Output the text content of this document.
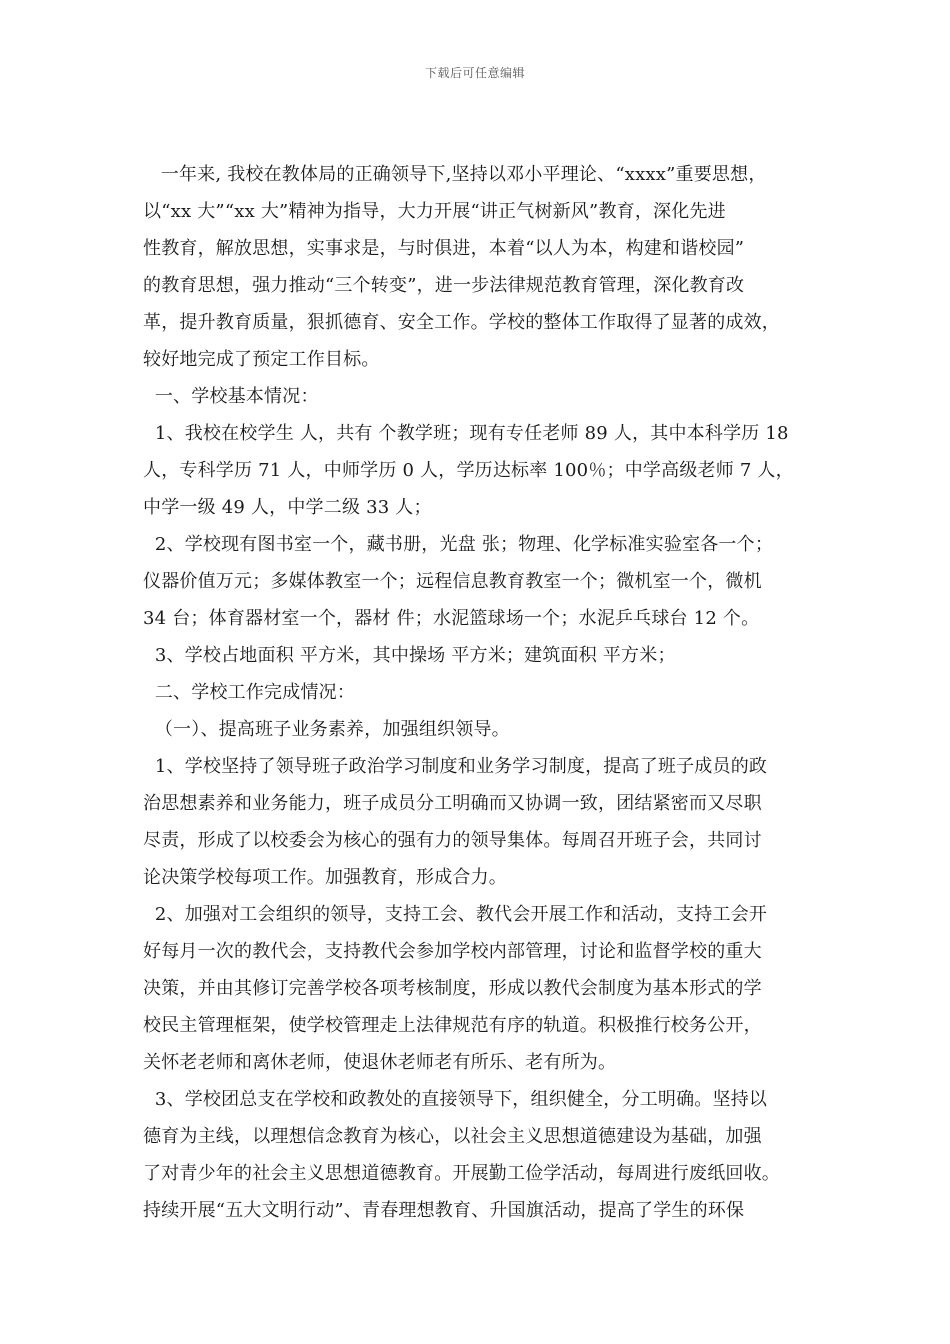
下载后可任意编辑
一年来, 我校在教体局的正确领导下,坚持以邓小平理论、“xxxx”重要思想，
以“xx 大”“xx 大”精神为指导，大力开展“讲正气树新风”教育，深化先进
性教育，解放思想，实事求是，与时俱进，本着“以人为本，构建和谐校园”
的教育思想，强力推动“三个转变”，进一步法律规范教育管理，深化教育改
革，提升教育质量，狠抓德育、安全工作。学校的整体工作取得了显著的成效，
较好地完成了预定工作目标。
一、学校基本情况：
1、我校在校学生 人，共有 个教学班；现有专任老师 89 人，其中本科学历 18
人，专科学历 71 人，中师学历 0 人，学历达标率 100％；中学高级老师 7 人，
中学一级 49 人，中学二级 33 人；
2、学校现有图书室一个，藏书册，光盘 张；物理、化学标准实验室各一个；
仪器价值万元；多媒体教室一个；远程信息教育教室一个；微机室一个，微机
34 台；体育器材室一个，器材 件；水泥篮球场一个；水泥乒乓球台 12 个。
3、学校占地面积 平方米，其中操场 平方米；建筑面积 平方米；
二、学校工作完成情况：
（一）、提高班子业务素养，加强组织领导。
1、学校坚持了领导班子政治学习制度和业务学习制度，提高了班子成员的政
治思想素养和业务能力，班子成员分工明确而又协调一致，团结紧密而又尽职
尽责，形成了以校委会为核心的强有力的领导集体。每周召开班子会，共同讨
论决策学校每项工作。加强教育，形成合力。
2、加强对工会组织的领导，支持工会、教代会开展工作和活动，支持工会开
好每月一次的教代会，支持教代会参加学校内部管理，讨论和监督学校的重大
决策，并由其修订完善学校各项考核制度，形成以教代会制度为基本形式的学
校民主管理框架，使学校管理走上法律规范有序的轨道。积极推行校务公开，
关怀老老师和离休老师，使退休老师老有所乐、老有所为。
3、学校团总支在学校和政教处的直接领导下，组织健全，分工明确。坚持以
德育为主线，以理想信念教育为核心，以社会主义思想道德建设为基础，加强
了对青少年的社会主义思想道德教育。开展勤工俭学活动，每周进行废纸回收。
持续开展“五大文明行动”、青春理想教育、升国旗活动，提高了学生的环保
